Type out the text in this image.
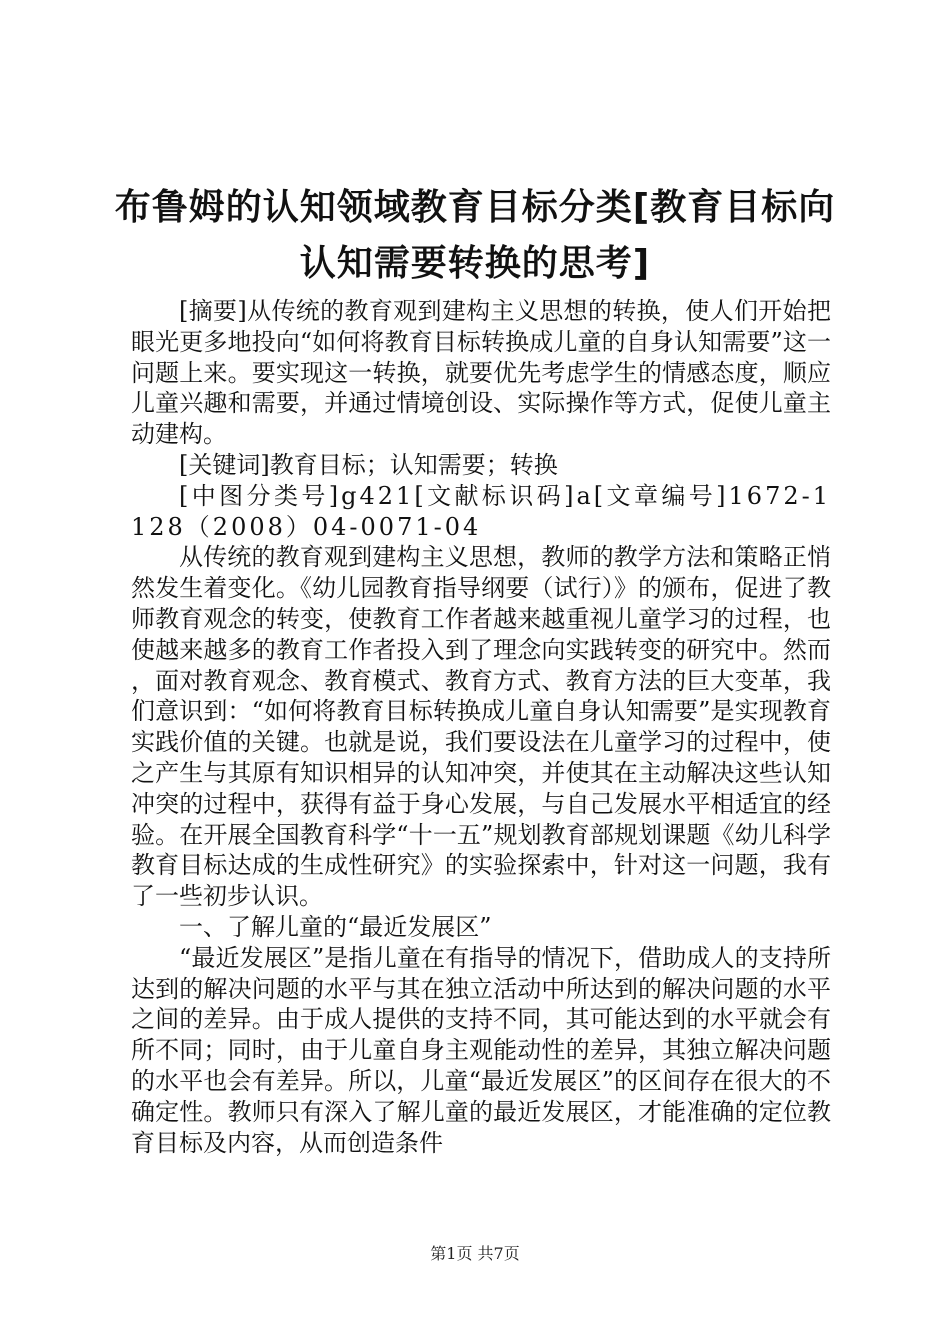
布鲁姆的认知领域教育目标分类[教育目标向
认知需要转换的思考]

[摘要]从传统的教育观到建构主义思想的转换，使人们开始把眼光更多地投向“如何将教育目标转换成儿童的自身认知需要”这一问题上来。要实现这一转换，就要优先考虑学生的情感态度，顺应儿童兴趣和需要，并通过情境创设、实际操作等方式，促使儿童主动建构。

[关键词]教育目标；认知需要；转换

[中图分类号]g421[文献标识码]a[文章编号]1672-1128（2008）04-0071-04

从传统的教育观到建构主义思想，教师的教学方法和策略正悄然发生着变化。《幼儿园教育指导纲要（试行）》的颁布，促进了教师教育观念的转变，使教育工作者越来越重视儿童学习的过程，也使越来越多的教育工作者投入到了理念向实践转变的研究中。然而，面对教育观念、教育模式、教育方式、教育方法的巨大变革，我们意识到：“如何将教育目标转换成儿童自身认知需要”是实现教育实践价值的关键。也就是说，我们要设法在儿童学习的过程中，使之产生与其原有知识相异的认知冲突，并使其在主动解决这些认知冲突的过程中，获得有益于身心发展，与自己发展水平相适宜的经验。在开展全国教育科学“十一五”规划教育部规划课题《幼儿科学教育目标达成的生成性研究》的实验探索中，针对这一问题，我有了一些初步认识。

一、了解儿童的“最近发展区”

“最近发展区”是指儿童在有指导的情况下，借助成人的支持所达到的解决问题的水平与其在独立活动中所达到的解决问题的水平之间的差异。由于成人提供的支持不同，其可能达到的水平就会有所不同；同时，由于儿童自身主观能动性的差异，其独立解决问题的水平也会有差异。所以，儿童“最近发展区”的区间存在很大的不确定性。教师只有深入了解儿童的最近发展区，才能准确的定位教育目标及内容，从而创造条件

第1页 共7页
